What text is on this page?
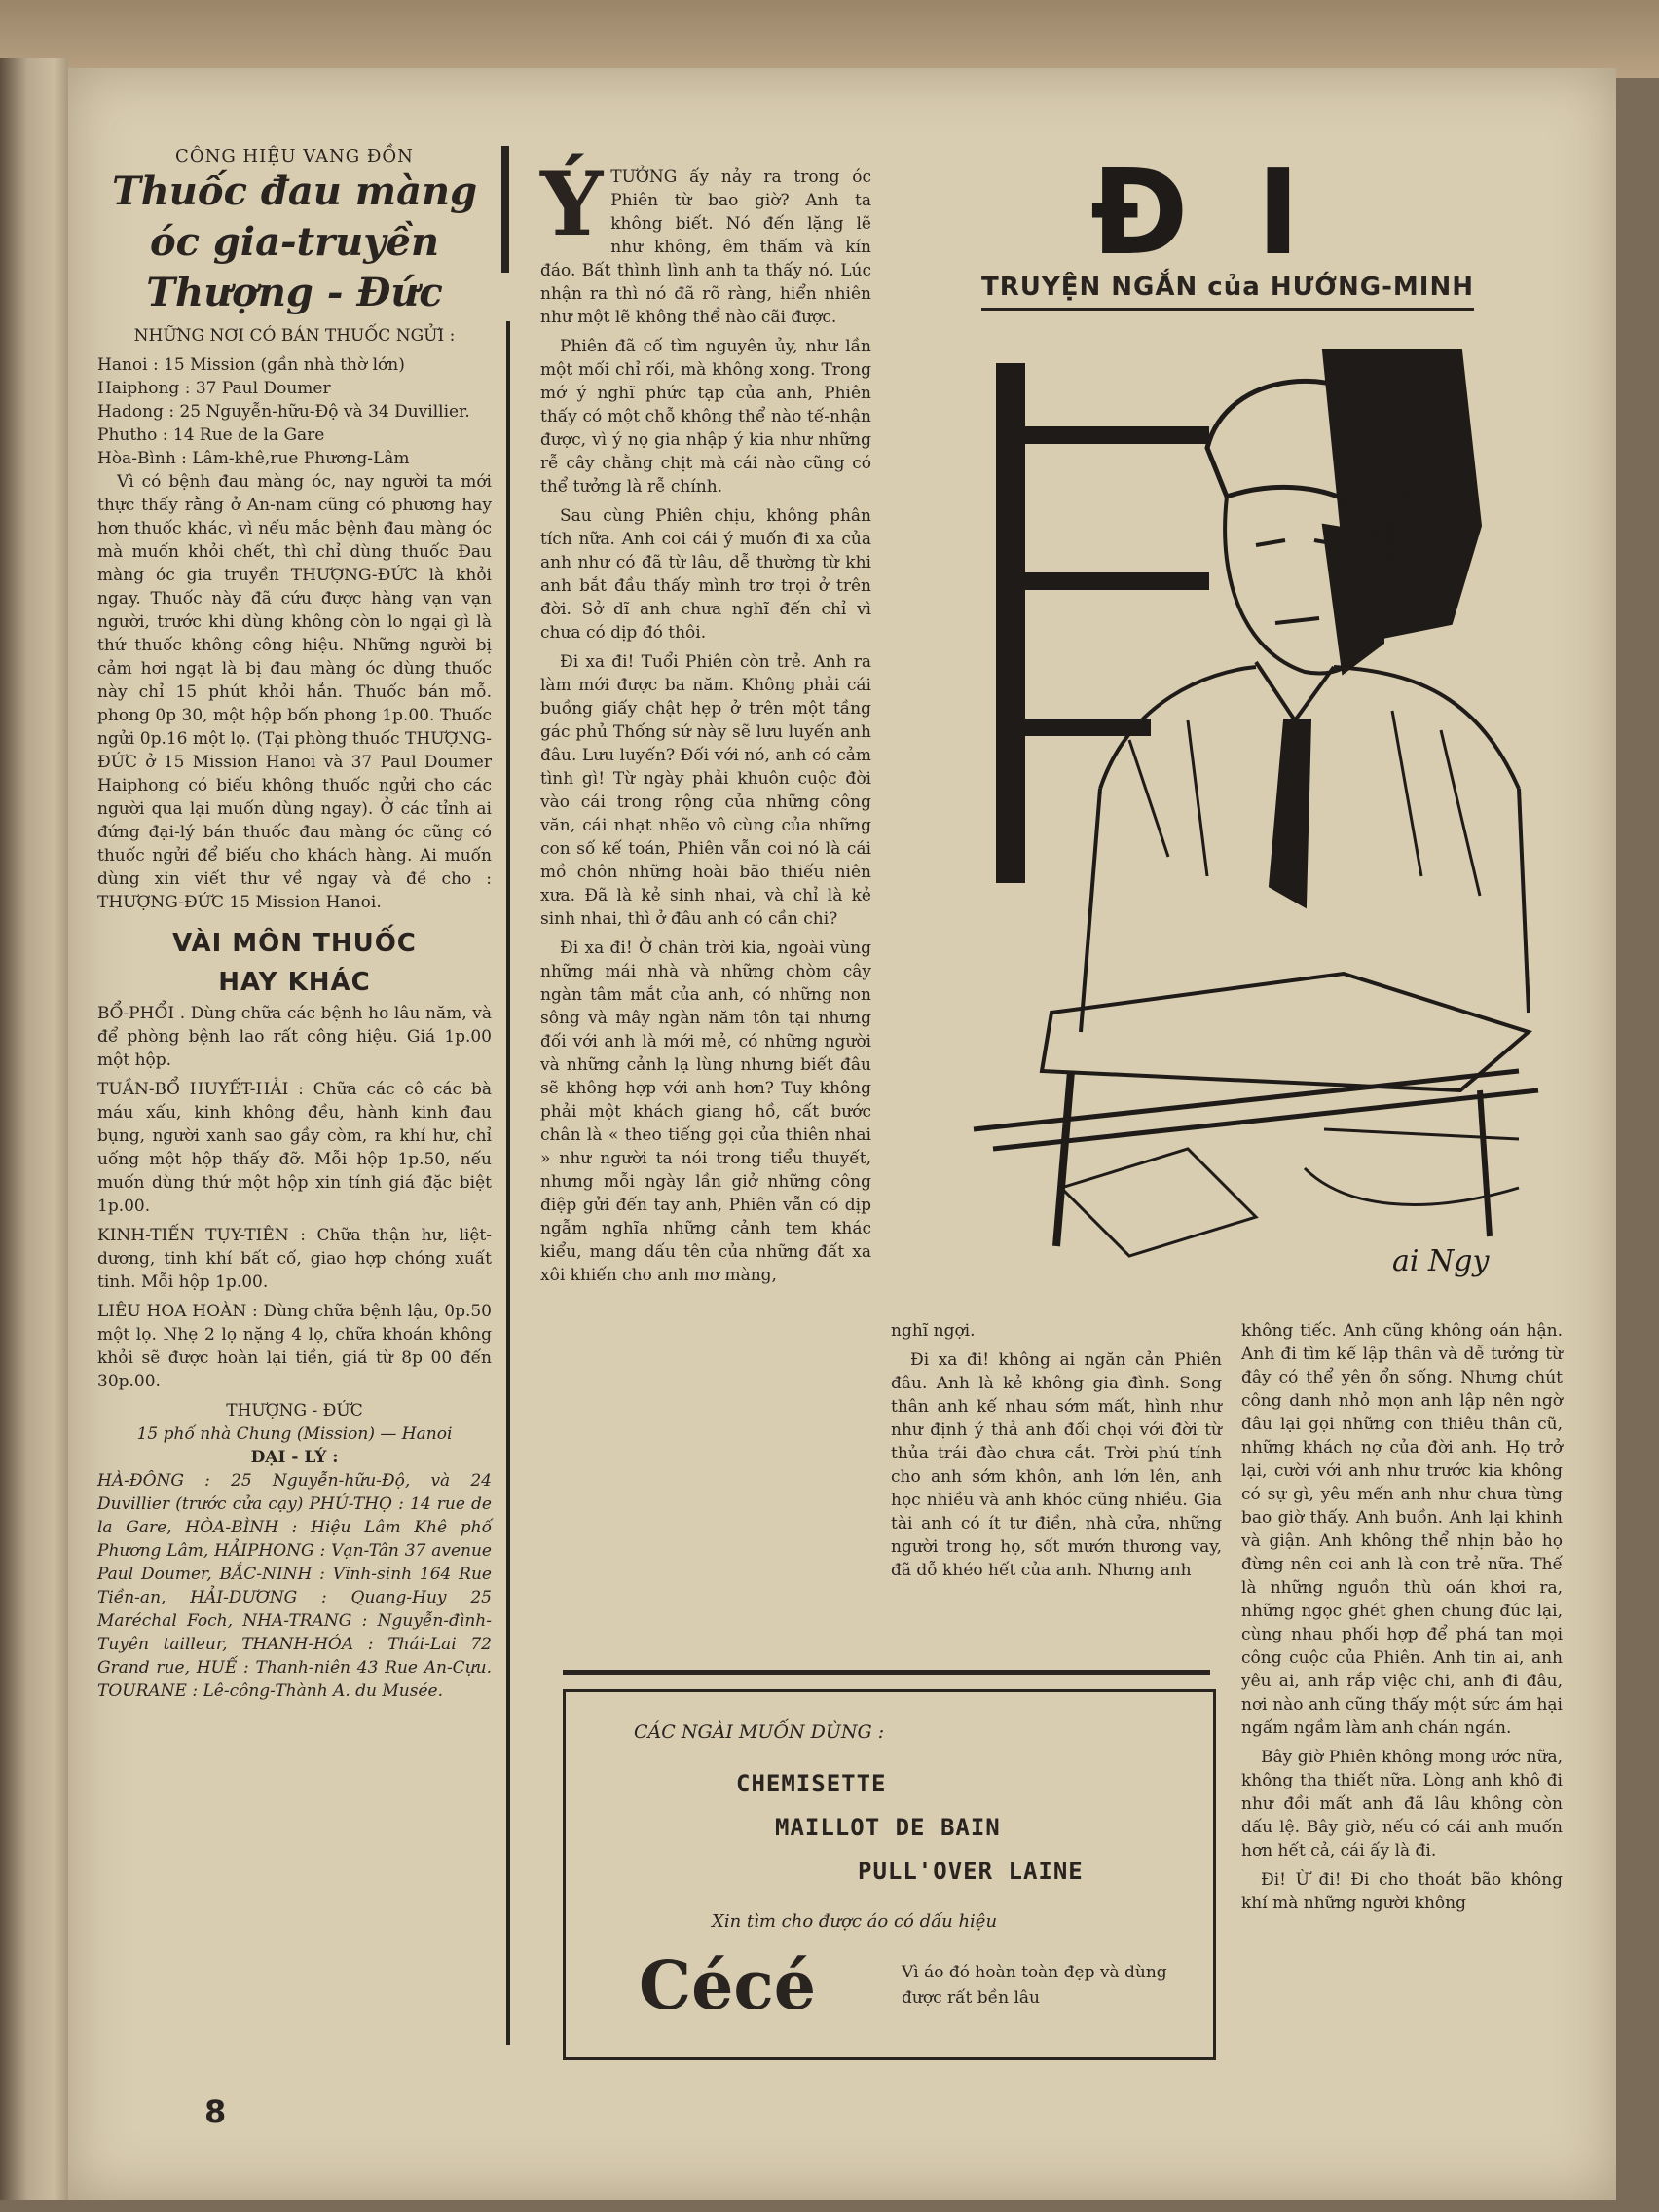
CÔNG HIỆU VANG ĐỒN
Thuốc đau màng
óc gia-truyền
Thượng - Đức
NHỮNG NƠI CÓ BÁN THUỐC NGỬI :
Hanoi : 15 Mission (gần nhà thờ lớn)
Haiphong : 37 Paul Doumer
Hadong : 25 Nguyễn-hữu-Độ và 34 Duvillier.
Phutho : 14 Rue de la Gare
Hòa-Bình : Lâm-khê,rue Phương-Lâm

Vì có bệnh đau màng óc, nay người ta mới thực thấy rằng ở An-nam cũng có phương hay hơn thuốc khác, vì nếu mắc bệnh đau màng óc mà muốn khỏi chết, thì chỉ dùng thuốc Đau màng óc gia truyền THƯỢNG-ĐỨC là khỏi ngay. Thuốc này đã cứu được hàng vạn vạn người, trước khi dùng không còn lo ngại gì là thứ thuốc không công hiệu. Những người bị cảm hơi ngạt là bị đau màng óc dùng thuốc này chỉ 15 phút khỏi hẳn. Thuốc bán mỗ. phong 0p 30, một hộp bốn phong 1p.00. Thuốc ngửi 0p.16 một lọ. (Tại phòng thuốc THƯỢNG-ĐỨC ở 15 Mission Hanoi và 37 Paul Doumer Haiphong có biếu không thuốc ngửi cho các người qua lại muốn dùng ngay). Ở các tỉnh ai đứng đại-lý bán thuốc đau màng óc cũng có thuốc ngửi để biếu cho khách hàng. Ai muốn dùng xin viết thư về ngay và đề cho : THƯỢNG-ĐỨC 15 Mission Hanoi.

VÀI MÔN THUỐC
HAY KHÁC

BỔ-PHỔI . Dùng chữa các bệnh ho lâu năm, và để phòng bệnh lao rất công hiệu. Giá 1p.00 một hộp.

TUẦN-BỔ HUYẾT-HẢI : Chữa các cô các bà máu xấu, kinh không đều, hành kinh đau bụng, người xanh sao gầy còm, ra khí hư, chỉ uống một hộp thấy đỡ. Mỗi hộp 1p.50, nếu muốn dùng thứ một hộp xin tính giá đặc biệt 1p.00.

KINH-TIẾN TỤY-TIÊN : Chữa thận hư, liệt-dương, tinh khí bất cố, giao hợp chóng xuất tinh. Mỗi hộp 1p.00.

LIÊU HOA HOÀN : Dùng chữa bệnh lậu, 0p.50 một lọ. Nhẹ 2 lọ nặng 4 lọ, chữa khoán không khỏi sẽ được hoàn lại tiền, giá từ 8p 00 đến 30p.00.

THƯỢNG - ĐỨC
15 phố nhà Chung (Mission) — Hanoi
ĐẠI - LÝ :

HÀ-ĐÔNG : 25 Nguyễn-hữu-Độ, và 24 Duvillier (trước cửa cạy) PHÚ-THỌ : 14 rue de la Gare, HÒA-BÌNH : Hiệu Lâm Khê phố Phương Lâm, HẢIPHONG : Vạn-Tân 37 avenue Paul Doumer, BẮC-NINH : Vĩnh-sinh 164 Rue Tiền-an, HẢI-DƯƠNG : Quang-Huy 25 Maréchal Foch, NHA-TRANG : Nguyễn-đình-Tuyên tailleur, THANH-HÓA : Thái-Lai 72 Grand rue, HUẾ : Thanh-niên 43 Rue An-Cựu. TOURANE : Lê-công-Thành A. du Musée.

Ý TƯỞNG ấy nảy ra trong óc Phiên từ bao giờ? Anh ta không biết. Nó đến lặng lẽ như không, êm thấm và kín đáo. Bất thình lình anh ta thấy nó. Lúc nhận ra thì nó đã rõ ràng, hiển nhiên như một lẽ không thể nào cãi được.

Phiên đã cố tìm nguyên ủy, như lần một mối chỉ rối, mà không xong. Trong mớ ý nghĩ phức tạp của anh, Phiên thấy có một chỗ không thể nào tế-nhận được, vì ý nọ gia nhập ý kia như những rễ cây chằng chịt mà cái nào cũng có thể tưởng là rễ chính.

Sau cùng Phiên chịu, không phân tích nữa. Anh coi cái ý muốn đi xa của anh như có đã từ lâu, dễ thường từ khi anh bắt đầu thấy mình trơ trọi ở trên đời. Sở dĩ anh chưa nghĩ đến chỉ vì chưa có dịp đó thôi.

Đi xa đi! Tuổi Phiên còn trẻ. Anh ra làm mới được ba năm. Không phải cái buồng giấy chật hẹp ở trên một tầng gác phủ Thống sứ này sẽ lưu luyến anh đâu. Lưu luyến? Đối với nó, anh có cảm tình gì! Từ ngày phải khuôn cuộc đời vào cái trong rộng của những công văn, cái nhạt nhẽo vô cùng của những con số kế toán, Phiên vẫn coi nó là cái mồ chôn những hoài bão thiếu niên xưa. Đã là kẻ sinh nhai, và chỉ là kẻ sinh nhai, thì ở đâu anh có cần chi?

Đi xa đi! Ở chân trời kia, ngoài vùng những mái nhà và những chòm cây ngàn tâm mắt của anh, có những non sông và mây ngàn năm tôn tại nhưng đối với anh là mới mẻ, có những người và những cảnh lạ lùng nhưng biết đâu sẽ không hợp với anh hơn? Tuy không phải một khách giang hồ, cất bước chân là « theo tiếng gọi của thiên nhai » như người ta nói trong tiểu thuyết, nhưng mỗi ngày lần giở những công điệp gửi đến tay anh, Phiên vẫn có dịp ngẫm nghĩa những cảnh tem khác kiểu, mang dấu tên của những đất xa xôi khiến cho anh mơ màng,

ĐI
TRUYỆN NGẮN của HƯỚNG-MINH
ai Ngy

nghĩ ngợi.

Đi xa đi! không ai ngăn cản Phiên đâu. Anh là kẻ không gia đình. Song thân anh kế nhau sớm mất, hình như như định ý thả anh đối chọi với đời từ thủa trái đào chưa cắt. Trời phú tính cho anh sớm khôn, anh lớn lên, anh học nhiều và anh khóc cũng nhiều. Gia tài anh có ít tư điền, nhà cửa, những người trong họ, sốt mướn thương vay, đã dỗ khéo hết của anh. Nhưng anh

không tiếc. Anh cũng không oán hận. Anh đi tìm kế lập thân và dễ tưởng từ đây có thể yên ổn sống. Nhưng chút công danh nhỏ mọn anh lập nên ngờ đâu lại gọi những con thiêu thân cũ, những khách nợ của đời anh. Họ trở lại, cười với anh như trước kia không có sự gì, yêu mến anh như chưa từng bao giờ thấy. Anh buồn. Anh lại khinh và giận. Anh không thể nhịn bảo họ đừng nên coi anh là con trẻ nữa. Thế là những nguồn thù oán khơi ra, những ngọc ghét ghen chung đúc lại, cùng nhau phối hợp để phá tan mọi công cuộc của Phiên. Anh tin ai, anh yêu ai, anh rắp việc chi, anh đi đâu, nơi nào anh cũng thấy một sức ám hại ngấm ngầm làm anh chán ngán.

Bây giờ Phiên không mong ước nữa, không tha thiết nữa. Lòng anh khô đi như đồi mất anh đã lâu không còn dấu lệ. Bây giờ, nếu có cái anh muốn hơn hết cả, cái ấy là đi.

Đi! Ừ đi! Đi cho thoát bão không khí mà những người không

CÁC NGÀI MUỐN DÙNG :
CHEMISETTE
MAILLOT DE BAIN
PULL'OVER LAINE
Xin tìm cho được áo có dấu hiệu
Cécé	Vì áo đó hoàn toàn đẹp và dùng được rất bền lâu
8
